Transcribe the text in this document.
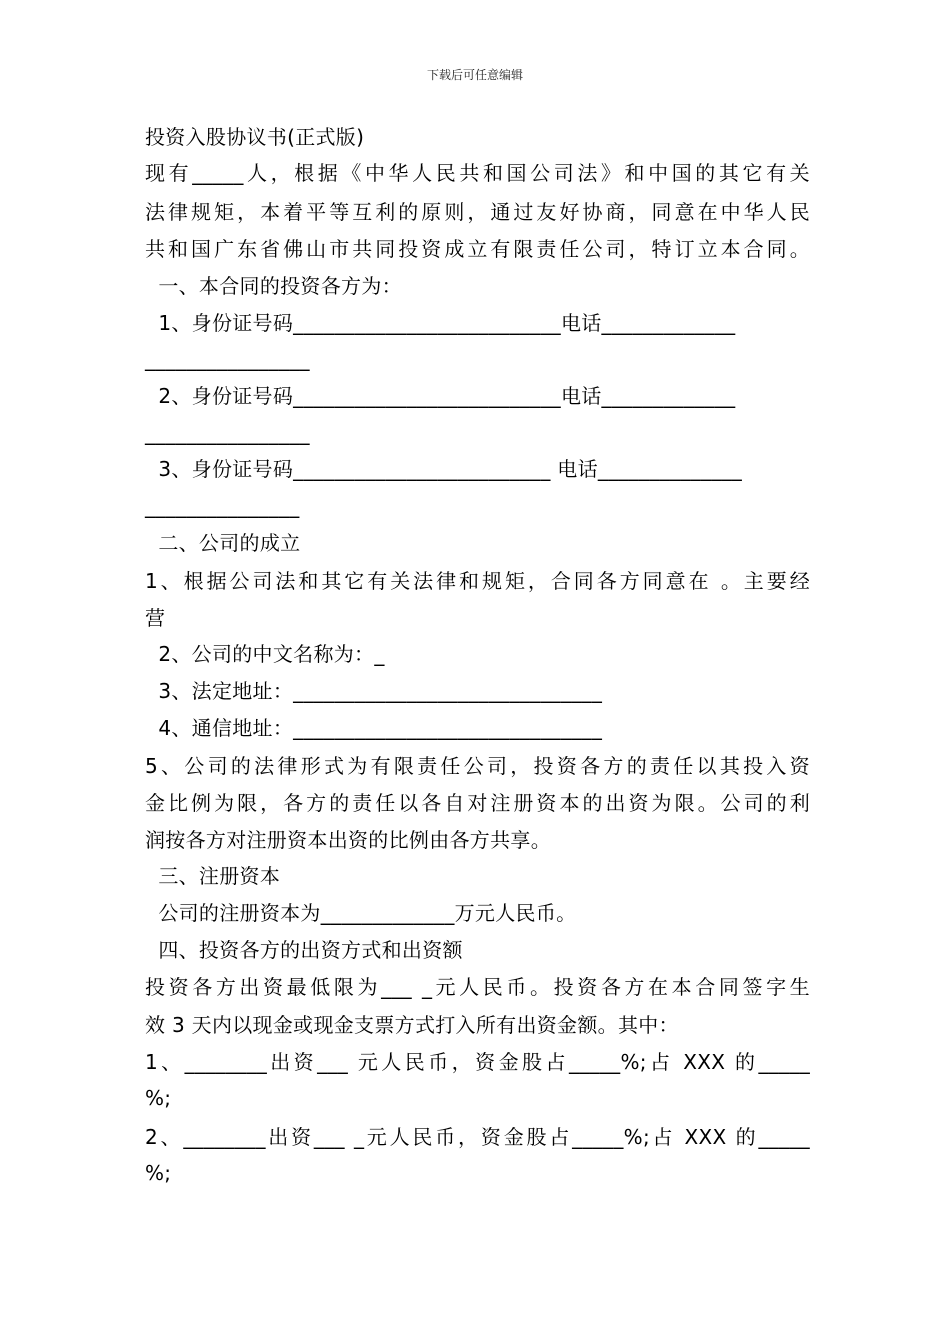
下载后可任意编辑
投资入股协议书(正式版)
现有_____人，根据《中华人民共和国公司法》和中国的其它有关
法律规矩，本着平等互利的原则，通过友好协商，同意在中华人民
共和国广东省佛山市共同投资成立有限责任公司，特订立本合同。
一、本合同的投资各方为：
1、身份证号码__________________________电话_____________
________________
2、身份证号码__________________________电话_____________
________________
3、身份证号码_________________________ 电话______________
_______________
二、公司的成立
1、根据公司法和其它有关法律和规矩，合同各方同意在 。主要经
营
2、公司的中文名称为：_
3、法定地址：______________________________
4、通信地址：______________________________
5、公司的法律形式为有限责任公司，投资各方的责任以其投入资
金比例为限，各方的责任以各自对注册资本的出资为限。公司的利
润按各方对注册资本出资的比例由各方共享。
三、注册资本
公司的注册资本为_____________万元人民币。
四、投资各方的出资方式和出资额
投资各方出资最低限为___ _元人民币。投资各方在本合同签字生
效 3 天内以现金或现金支票方式打入所有出资金额。其中：
1、________出资___ 元人民币，资金股占_____%;占 XXX 的_____
%;
2、________出资___ _元人民币，资金股占_____%;占 XXX 的_____
%;
